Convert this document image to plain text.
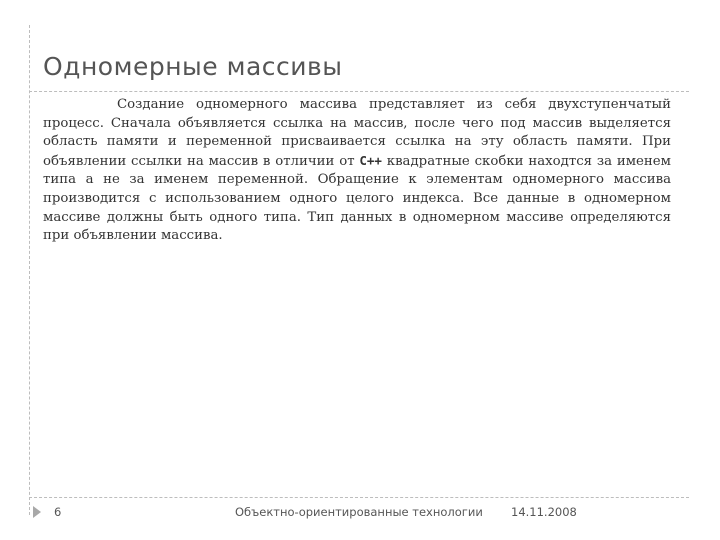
Одномерные массивы

Создание одномерного массива представляет из себя двухступенчатый процесс. Сначала объявляется ссылка на массив, после чего под массив выделяется область памяти и переменной присваивается ссылка на эту область памяти. При объявлении ссылки на массив в отличии от С++ квадратные скобки находтся за именем типа а не за именем переменной. Обращение к элементам одномерного массива производится с использованием одного целого индекса. Все данные в одномерном массиве должны быть одного типа. Тип данных в одномерном массиве определяются при объявлении массива.

6	Объектно-ориентированные технологии 14.11.2008
